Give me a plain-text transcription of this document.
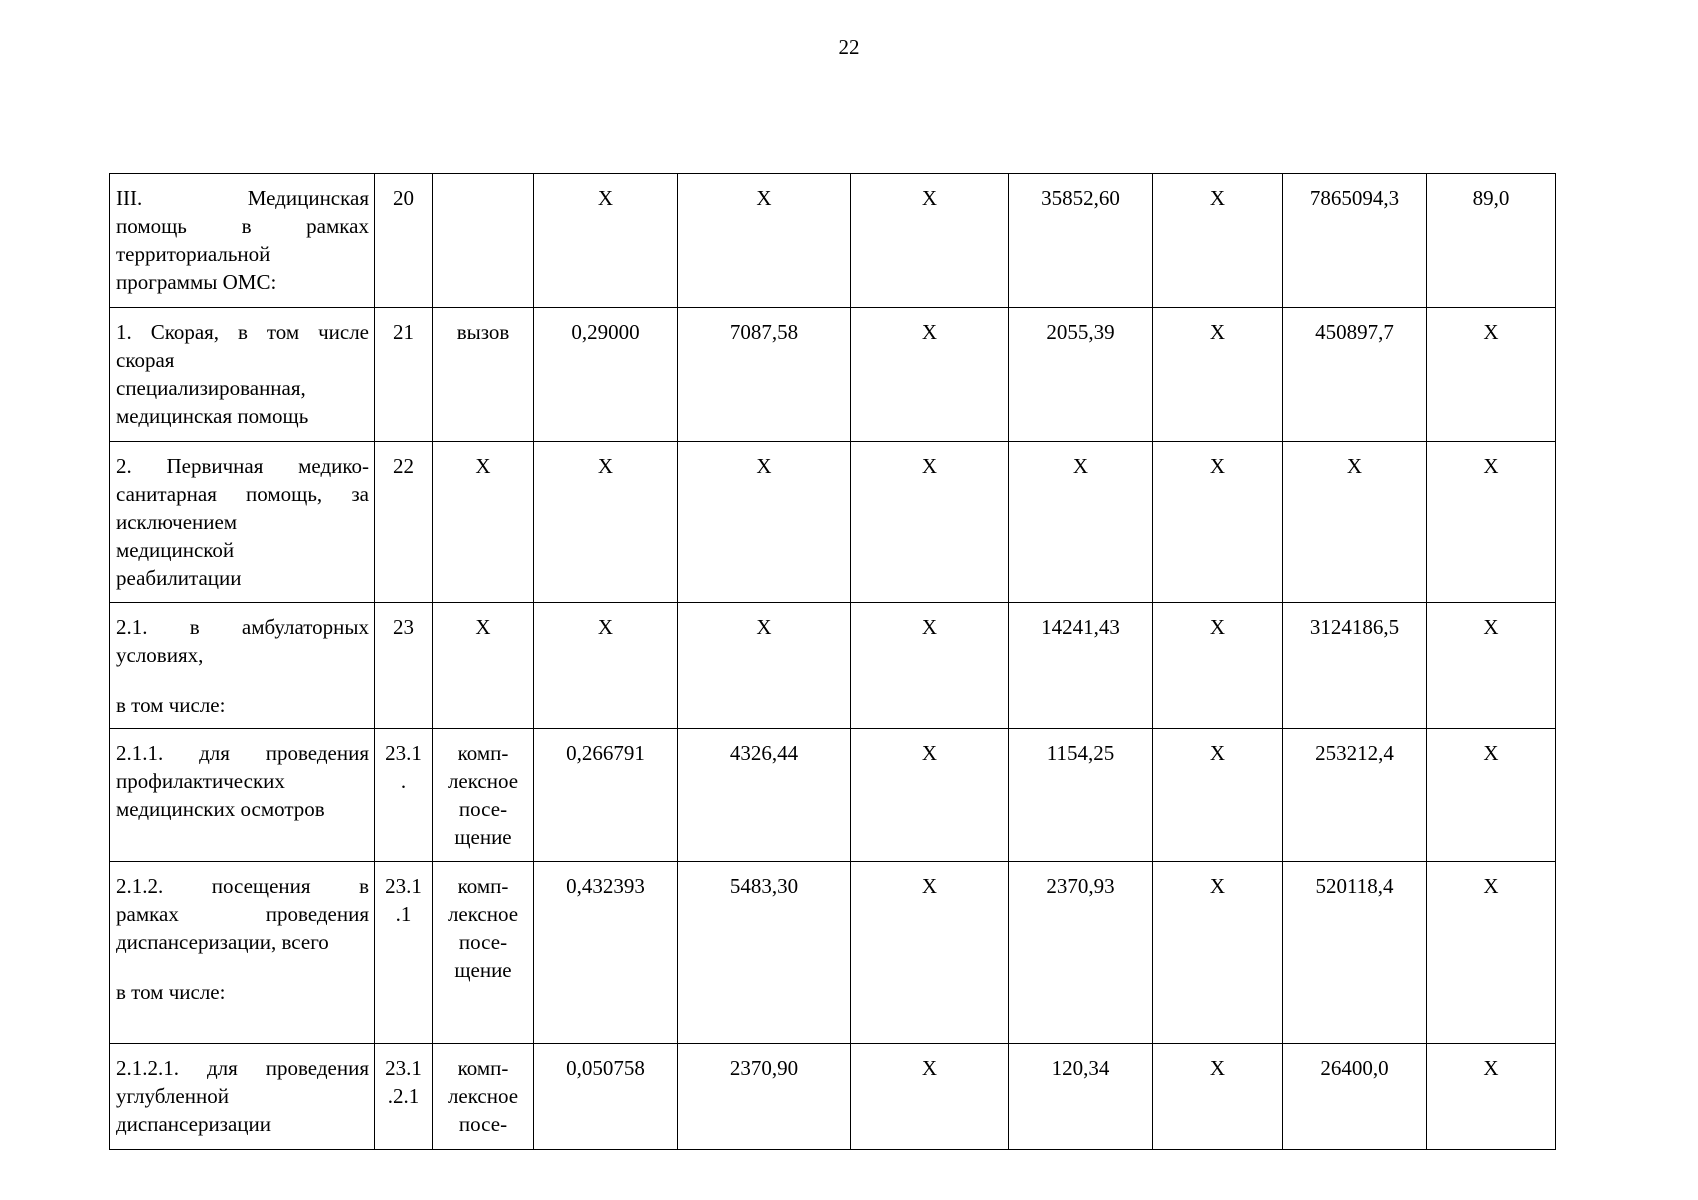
22
III. Медицинская
помощь в рамках
территориальной
программы ОМС:	20		X	X	X	35852,60	X	7865094,3	89,0

1. Скорая, в том числе
скорая
специализированная,
медицинская помощь	21	вызов	0,29000	7087,58	X	2055,39	X	450897,7	X

2. Первичная медико-
санитарная помощь, за
исключением
медицинской
реабилитации	22	X	X	X	X	X	X	X	X

2.1. в амбулаторных
условиях,
в том числе:	23	X	X	X	X	14241,43	X	3124186,5	X

2.1.1. для проведения
профилактических
медицинских осмотров	23.1
.	комп-
лексное
посе-
щение	0,266791	4326,44	X	1154,25	X	253212,4	X

2.1.2. посещения в
рамках проведения
диспансеризации, всего
в том числе:	23.1
.1	комп-
лексное
посе-
щение	0,432393	5483,30	X	2370,93	X	520118,4	X

2.1.2.1. для проведения
углубленной
диспансеризации	23.1
.2.1	комп-
лексное
посе-	0,050758	2370,90	X	120,34	X	26400,0	X
